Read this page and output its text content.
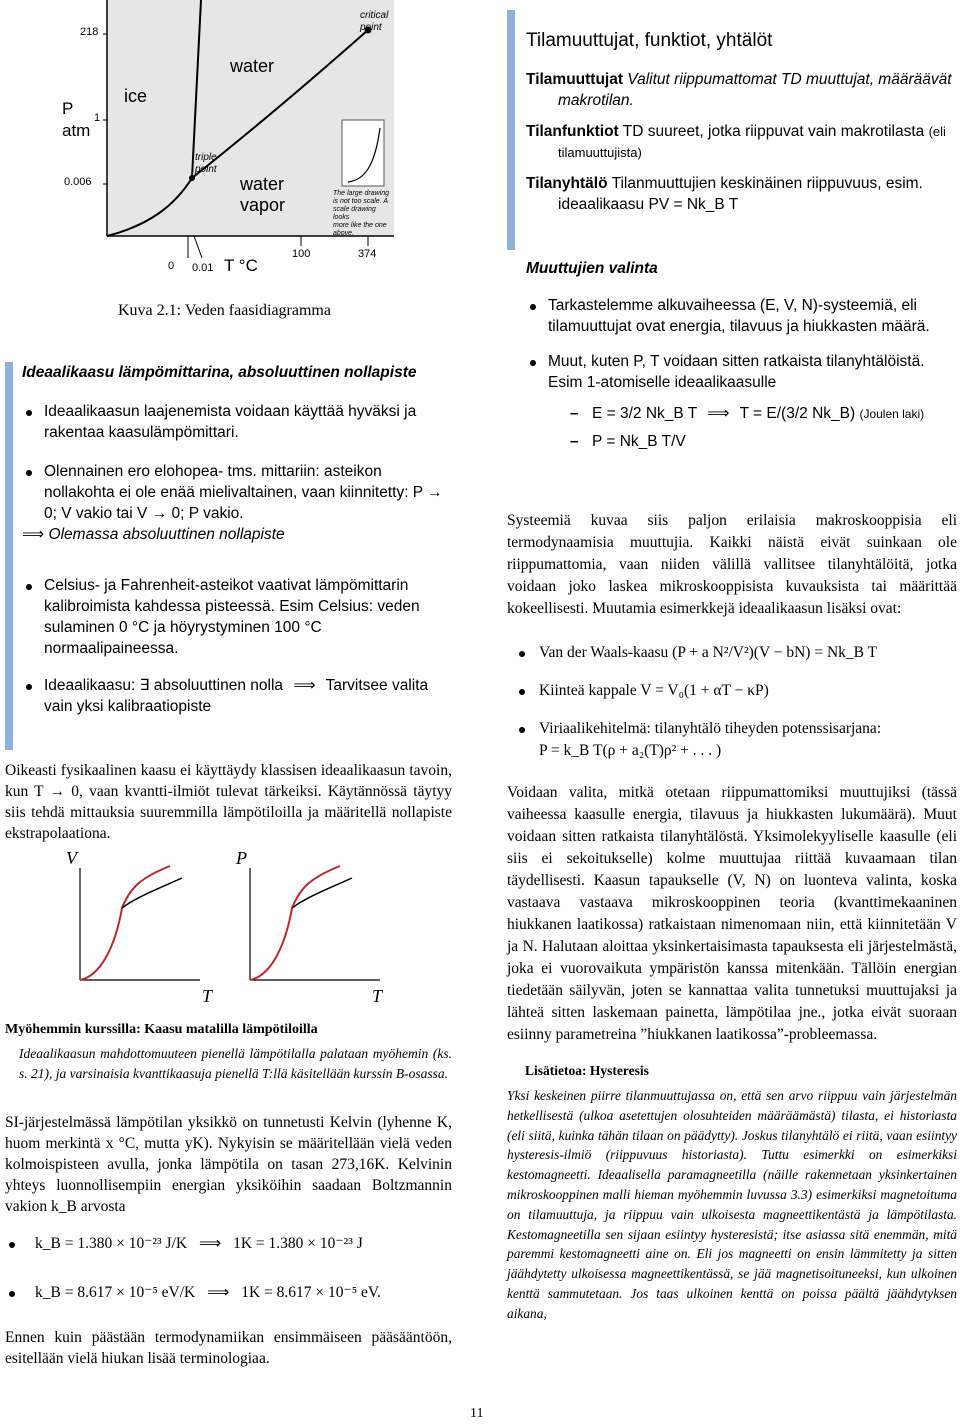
P
atm
218
1
0.006
ice
water
water
vapor
critical
point
triple
point
The large drawing
is not too scale. A
scale drawing looks
more like the one
above.
0 0.01 T °C
100	374
Kuva 2.1: Veden faasidiagramma
Ideaalikaasu lämpömittarina, absoluuttinen nollapiste
Ideaalikaasun laajenemista voidaan käyttää hyväksi ja rakentaa kaasulämpömittari.
Olennainen ero elohopea- tms. mittariin: asteikon nollakohta ei ole enää mielivaltainen, vaan kiinnitetty: P → 0; V vakio tai V → 0; P vakio.
⟹ Olemassa absoluuttinen nollapiste
Celsius- ja Fahrenheit-asteikot vaativat lämpömittarin kalibroimista kahdessa pisteessä. Esim Celsius: veden sulaminen 0 °C ja höyrystyminen 100 °C normaalipaineessa.
Ideaalikaasu: ∃ absoluuttinen nolla ⟹ Tarvitsee valita vain yksi kalibraatiopiste

Oikeasti fysikaalinen kaasu ei käyttäydy klassisen ideaalikaasun tavoin, kun T → 0, vaan kvantti-ilmiöt tulevat tärkeiksi. Käytännössä täytyy siis tehdä mittauksia suuremmilla lämpötiloilla ja määritellä nollapiste ekstrapolaationa.

V
T
P
T
Myöhemmin kurssilla: Kaasu matalilla lämpötiloilla

Ideaalikaasun mahdottomuuteen pienellä lämpötilalla palataan myöhemin (ks. s. 21), ja varsinaisia kvanttikaasuja pienellä T:llä käsitellään kurssin B-osassa.

SI-järjestelmässä lämpötilan yksikkö on tunnetusti Kelvin (lyhenne K, huom merkintä x °C, mutta yK). Nykyisin se määritellään vielä veden kolmoispisteen avulla, jonka lämpötila on tasan 273,16K. Kelvinin yhteys luonnollisempiin energian yksiköihin saadaan Boltzmannin vakion k_B arvosta

k_B = 1.380 × 10⁻²³ J/K ⟹ 1K = 1.380 × 10⁻²³ J
k_B = 8.617 × 10⁻⁵ eV/K ⟹ 1K = 8.617 × 10⁻⁵ eV.

Ennen kuin päästään termodynamiikan ensimmäiseen pääsääntöön, esitellään vielä hiukan lisää terminologiaa.

Tilamuuttujat, funktiot, yhtälöt
Tilamuuttujat Valitut riippumattomat TD muuttujat, määräävät makrotilan.
Tilanfunktiot TD suureet, jotka riippuvat vain makrotilasta (eli tilamuuttujista)
Tilanyhtälö Tilanmuuttujien keskinäinen riippuvuus, esim. ideaalikaasu PV = Nk_B T
Muuttujien valinta
Tarkastelemme alkuvaiheessa (E, V, N)-systeemiä, eli tilamuuttujat ovat energia, tilavuus ja hiukkasten määrä.
Muut, kuten P, T voidaan sitten ratkaista tilanyhtälöistä. Esim 1-atomiselle ideaalikaasulle
– E = 3/2 Nk_B T ⟹ T = E/(3/2 Nk_B) (Joulen laki)
– P = Nk_B T/V

Systeemiä kuvaa siis paljon erilaisia makroskooppisia eli termodynaamisia muuttujia. Kaikki näistä eivät suinkaan ole riippumattomia, vaan niiden välillä vallitsee tilanyhtälöitä, jotka voidaan joko laskea mikroskooppisista kuvauksista tai määrittää kokeellisesti. Muutamia esimerkkejä ideaalikaasun lisäksi ovat:

Van der Waals-kaasu (P + a N²/V²)(V − bN) = Nk_B T
Kiinteä kappale V = V₀(1 + αT − κP)
Viriaalikehitelmä: tilanyhtälö tiheyden potenssisarjana:
P = k_B T(ρ + a₂(T)ρ² + . . . )

Voidaan valita, mitkä otetaan riippumattomiksi muuttujiksi (tässä vaiheessa kaasulle energia, tilavuus ja hiukkasten lukumäärä). Muut voidaan sitten ratkaista tilanyhtälöstä. Yksimolekyyliselle kaasulle (eli siis ei sekoitukselle) kolme muuttujaa riittää kuvaamaan tilan täydellisesti. Kaasun tapaukselle (V, N) on luonteva valinta, koska vastaava vastaava mikroskooppinen teoria (kvanttimekaaninen hiukkanen laatikossa) ratkaistaan nimenomaan niin, että kiinnitetään V ja N. Halutaan aloittaa yksinkertaisimasta tapauksesta eli järjestelmästä, joka ei vuorovaikuta ympäristön kanssa mitenkään. Tällöin energian tiedetään säilyvän, joten se kannattaa valita tunnetuksi muuttujaksi ja lähteä sitten laskemaan painetta, lämpötilaa jne., jotka eivät suoraan esiinny parametreina ”hiukkanen laatikossa”-probleemassa.

Lisätietoa: Hysteresis

Yksi keskeinen piirre tilanmuuttujassa on, että sen arvo riippuu vain järjestelmän hetkellisestä (ulkoa asetettujen olosuhteiden määräämästä) tilasta, ei historiasta (eli siitä, kuinka tähän tilaan on päädytty). Joskus tilanyhtälö ei riitä, vaan esiintyy hysteresis-ilmiö (riippuvuus historiasta). Tuttu esimerkki on esimerkiksi kestomagneetti. Ideaalisella paramagneetilla (näille rakennetaan yksinkertainen mikroskooppinen malli hieman myöhemmin luvussa 3.3) esimerkiksi magnetoituma on tilamuuttuja, ja riippuu vain ulkoisesta magneettikentästä ja lämpötilasta. Kestomagneetilla sen sijaan esiintyy hysteresistä; itse asiassa sitä enemmän, mitä paremmi kestomagneetti aine on. Eli jos magneetti on ensin lämmitetty ja sitten jäähdytetty ulkoisessa magneettikentässä, se jää magnetisoituneeksi, kun ulkoinen kenttä sammutetaan. Jos taas ulkoinen kenttä on poissa päältä jäähdytyksen aikana,

11
